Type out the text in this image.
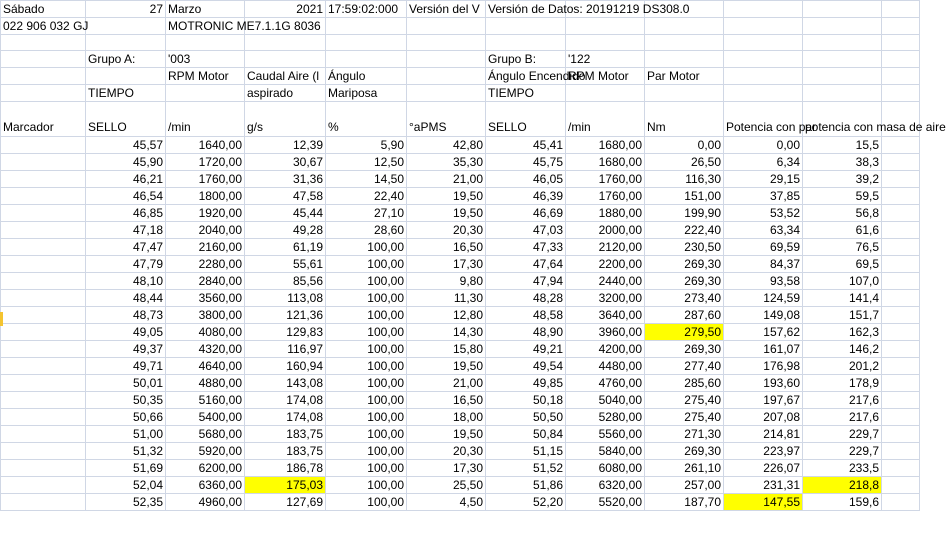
Sábado	27	Marzo	2021	17:59:02:000	Versión del V	Versión de Datos: 20191219 DS308.0					
022 906 032 GJ		MOTRONIC ME7.1.1G 8036									

	Grupo A:	'003				Grupo B:	'122				
		RPM Motor	Caudal Aire (l	Ángulo		Ángulo Encendido	RPM Motor	Par Motor			
	TIEMPO		aspirado	Mariposa		TIEMPO					
Marcador	SELLO	/min	g/s	%	°aPMS	SELLO	/min	Nm	Potencia con par	potencia con masa de aire	
	45,57	1640,00	12,39	5,90	42,80	45,41	1680,00	0,00	0,00	15,5	
	45,90	1720,00	30,67	12,50	35,30	45,75	1680,00	26,50	6,34	38,3	
	46,21	1760,00	31,36	14,50	21,00	46,05	1760,00	116,30	29,15	39,2	
	46,54	1800,00	47,58	22,40	19,50	46,39	1760,00	151,00	37,85	59,5	
	46,85	1920,00	45,44	27,10	19,50	46,69	1880,00	199,90	53,52	56,8	
	47,18	2040,00	49,28	28,60	20,30	47,03	2000,00	222,40	63,34	61,6	
	47,47	2160,00	61,19	100,00	16,50	47,33	2120,00	230,50	69,59	76,5	
	47,79	2280,00	55,61	100,00	17,30	47,64	2200,00	269,30	84,37	69,5	
	48,10	2840,00	85,56	100,00	9,80	47,94	2440,00	269,30	93,58	107,0	
	48,44	3560,00	113,08	100,00	11,30	48,28	3200,00	273,40	124,59	141,4	
	48,73	3800,00	121,36	100,00	12,80	48,58	3640,00	287,60	149,08	151,7	
	49,05	4080,00	129,83	100,00	14,30	48,90	3960,00	279,50	157,62	162,3	
	49,37	4320,00	116,97	100,00	15,80	49,21	4200,00	269,30	161,07	146,2	
	49,71	4640,00	160,94	100,00	19,50	49,54	4480,00	277,40	176,98	201,2	
	50,01	4880,00	143,08	100,00	21,00	49,85	4760,00	285,60	193,60	178,9	
	50,35	5160,00	174,08	100,00	16,50	50,18	5040,00	275,40	197,67	217,6	
	50,66	5400,00	174,08	100,00	18,00	50,50	5280,00	275,40	207,08	217,6	
	51,00	5680,00	183,75	100,00	19,50	50,84	5560,00	271,30	214,81	229,7	
	51,32	5920,00	183,75	100,00	20,30	51,15	5840,00	269,30	223,97	229,7	
	51,69	6200,00	186,78	100,00	17,30	51,52	6080,00	261,10	226,07	233,5	
	52,04	6360,00	175,03	100,00	25,50	51,86	6320,00	257,00	231,31	218,8	
	52,35	4960,00	127,69	100,00	4,50	52,20	5520,00	187,70	147,55	159,6	
